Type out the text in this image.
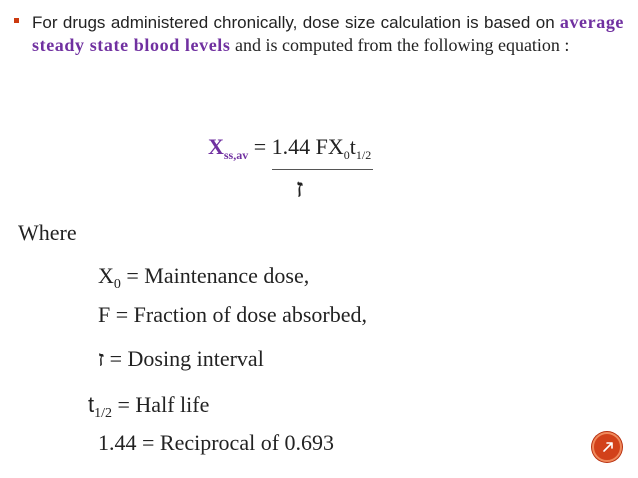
For drugs administered chronically, dose size calculation is based on average steady state blood levels and is computed from the following equation :
$X_{ss,av} = 1.44$ $FX_0t_{1/2}$
ז
Where
$X_0$ = Maintenance dose,
F = Fraction of dose absorbed,
ז = Dosing interval
$t_{1/2}$ = Half life
1.44 = Reciprocal of 0.693
